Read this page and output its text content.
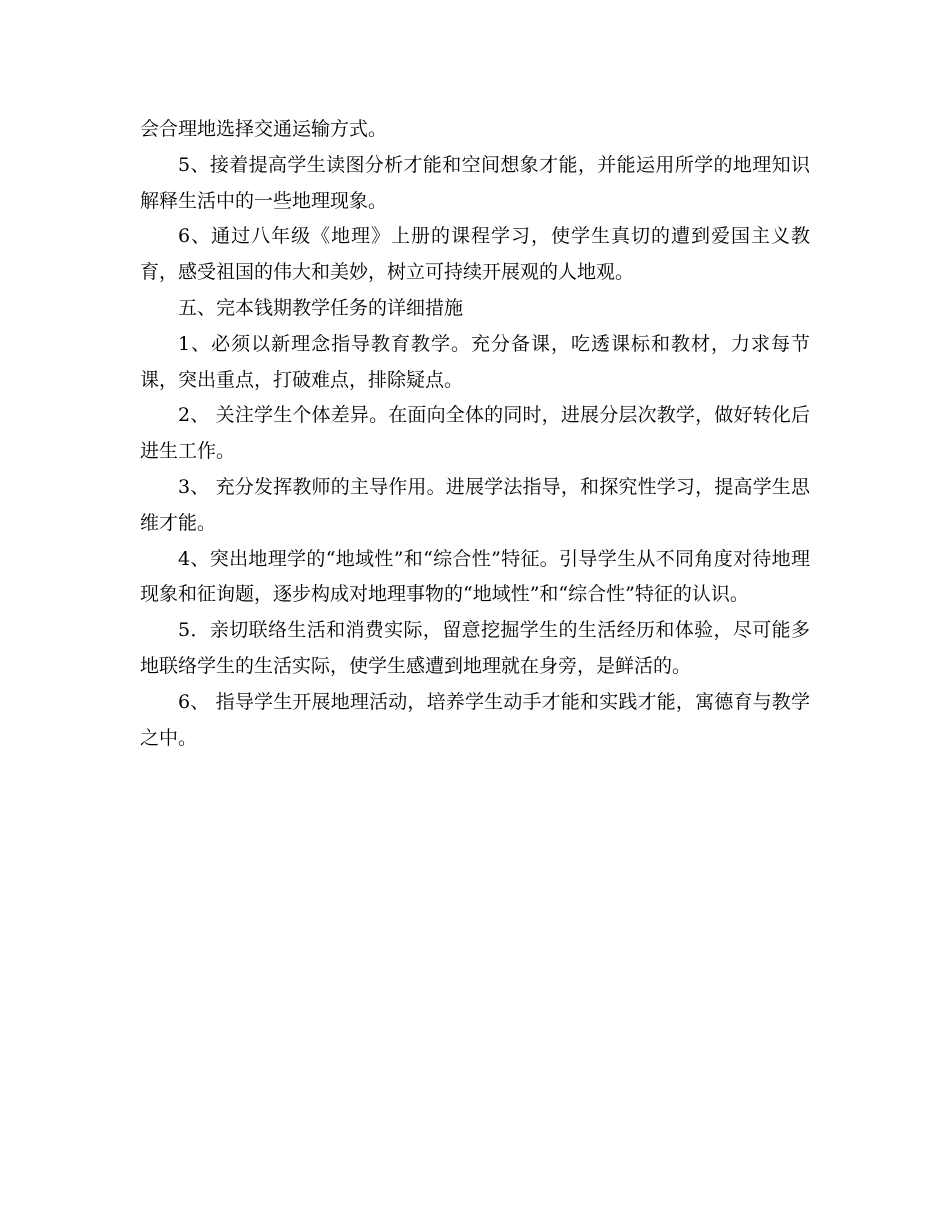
会合理地选择交通运输方式。

5、接着提高学生读图分析才能和空间想象才能，并能运用所学的地理知识解释生活中的一些地理现象。

6、通过八年级《地理》上册的课程学习，使学生真切的遭到爱国主义教育，感受祖国的伟大和美妙，树立可持续开展观的人地观。

五、完本钱期教学任务的详细措施

1、必须以新理念指导教育教学。充分备课，吃透课标和教材，力求每节课，突出重点，打破难点，排除疑点。

2、 关注学生个体差异。在面向全体的同时，进展分层次教学，做好转化后进生工作。

3、 充分发挥教师的主导作用。进展学法指导，和探究性学习，提高学生思维才能。

4、突出地理学的“地域性”和“综合性”特征。引导学生从不同角度对待地理现象和征询题，逐步构成对地理事物的“地域性”和“综合性”特征的认识。

5．亲切联络生活和消费实际，留意挖掘学生的生活经历和体验，尽可能多地联络学生的生活实际，使学生感遭到地理就在身旁，是鲜活的。

6、 指导学生开展地理活动，培养学生动手才能和实践才能，寓德育与教学之中。
